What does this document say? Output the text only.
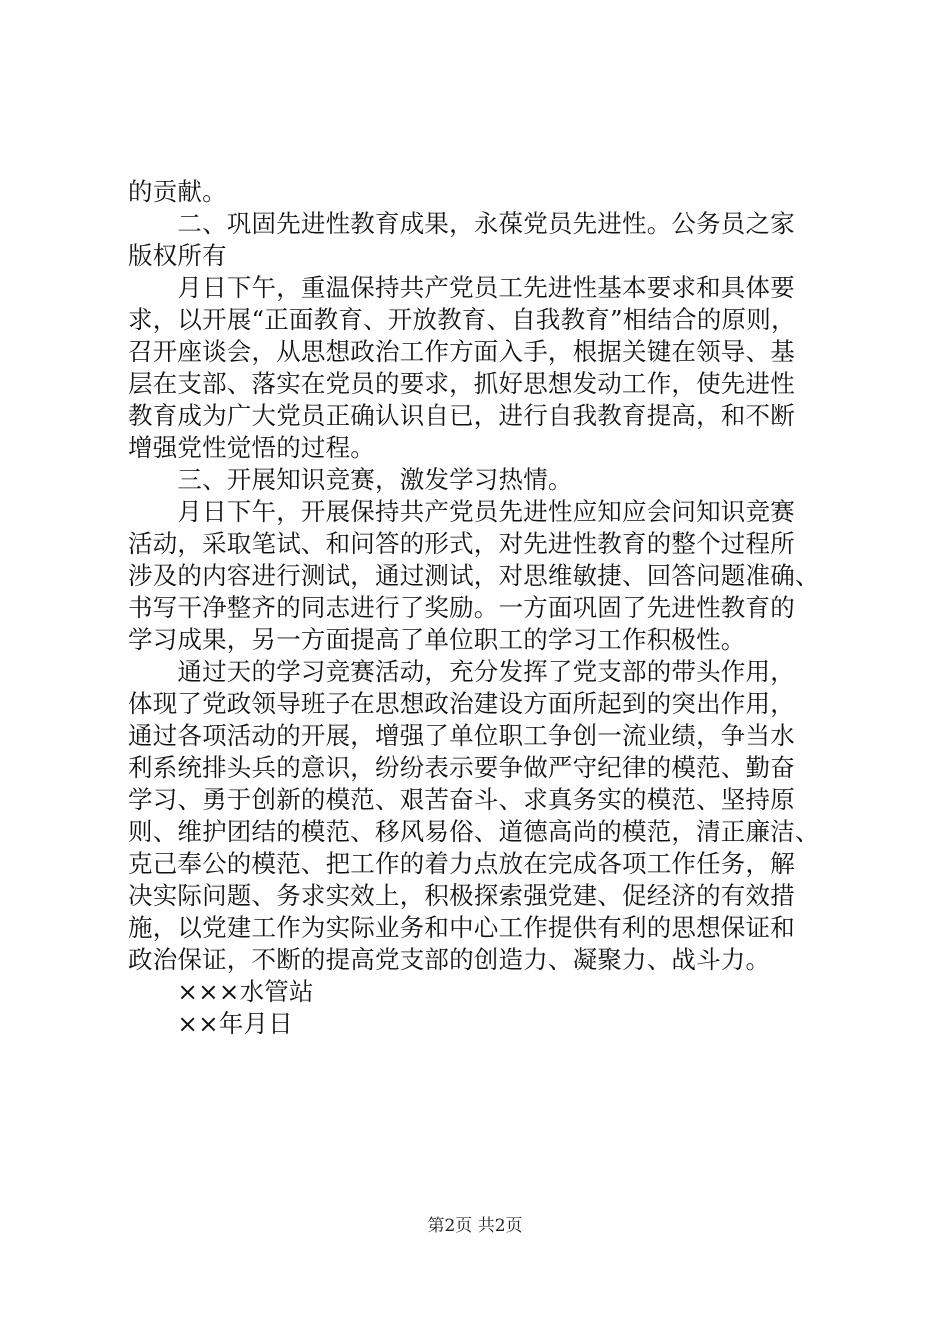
的贡献。
　　二、巩固先进性教育成果，永葆党员先进性。公务员之家
版权所有
　　月日下午，重温保持共产党员工先进性基本要求和具体要
求，以开展“正面教育、开放教育、自我教育”相结合的原则，
召开座谈会，从思想政治工作方面入手，根据关键在领导、基
层在支部、落实在党员的要求，抓好思想发动工作，使先进性
教育成为广大党员正确认识自已，进行自我教育提高，和不断
增强党性觉悟的过程。
　　三、开展知识竞赛，激发学习热情。
　　月日下午，开展保持共产党员先进性应知应会问知识竞赛
活动，采取笔试、和问答的形式，对先进性教育的整个过程所
涉及的内容进行测试，通过测试，对思维敏捷、回答问题准确、
书写干净整齐的同志进行了奖励。一方面巩固了先进性教育的
学习成果，另一方面提高了单位职工的学习工作积极性。
　　通过天的学习竞赛活动，充分发挥了党支部的带头作用，
体现了党政领导班子在思想政治建设方面所起到的突出作用，
通过各项活动的开展，增强了单位职工争创一流业绩，争当水
利系统排头兵的意识，纷纷表示要争做严守纪律的模范、勤奋
学习、勇于创新的模范、艰苦奋斗、求真务实的模范、坚持原
则、维护团结的模范、移风易俗、道德高尚的模范，清正廉洁、
克己奉公的模范、把工作的着力点放在完成各项工作任务，解
决实际问题、务求实效上，积极探索强党建、促经济的有效措
施，以党建工作为实际业务和中心工作提供有利的思想保证和
政治保证，不断的提高党支部的创造力、凝聚力、战斗力。
　　×××水管站
　　××年月日
第2页 共2页
